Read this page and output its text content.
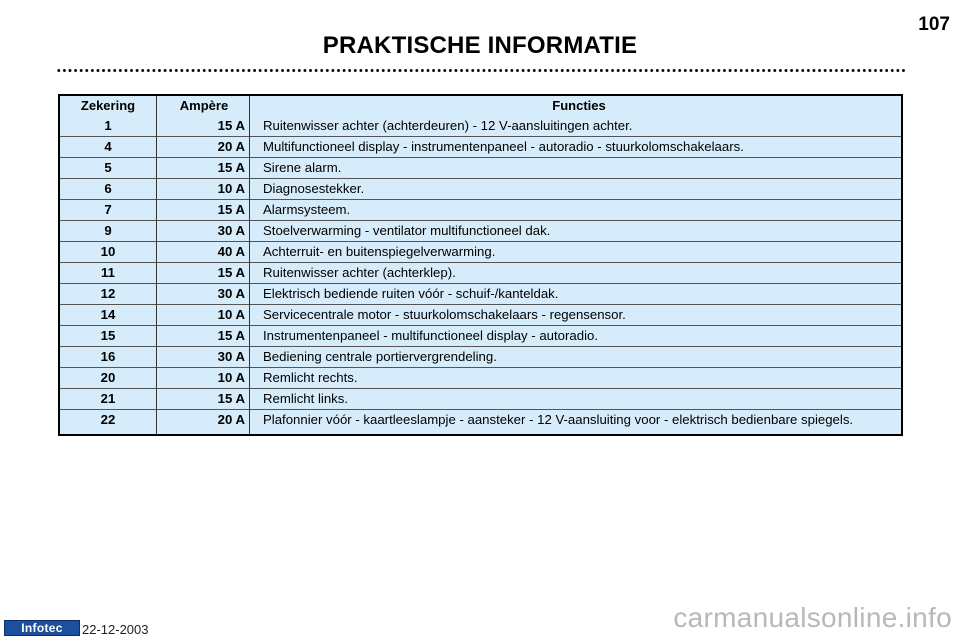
PRAKTISCHE INFORMATIE
107
Zekering	Ampère	Functies
1	15 A	Ruitenwisser achter (achterdeuren) - 12 V-aansluitingen achter.
4	20 A	Multifunctioneel display - instrumentenpaneel - autoradio - stuurkolomschakelaars.
5	15 A	Sirene alarm.
6	10 A	Diagnosestekker.
7	15 A	Alarmsysteem.
9	30 A	Stoelverwarming - ventilator multifunctioneel dak.
10	40 A	Achterruit- en buitenspiegelverwarming.
11	15 A	Ruitenwisser achter (achterklep).
12	30 A	Elektrisch bediende ruiten vóór - schuif-/kanteldak.
14	10 A	Servicecentrale motor - stuurkolomschakelaars - regensensor.
15	15 A	Instrumentenpaneel - multifunctioneel display - autoradio.
16	30 A	Bediening centrale portiervergrendeling.
20	10 A	Remlicht rechts.
21	15 A	Remlicht links.
22	20 A	Plafonnier vóór - kaartleeslampje - aansteker - 12 V-aansluiting voor - elektrisch bedienbare spiegels.
Infotec	22-12-2003	carmanualsonline.info
